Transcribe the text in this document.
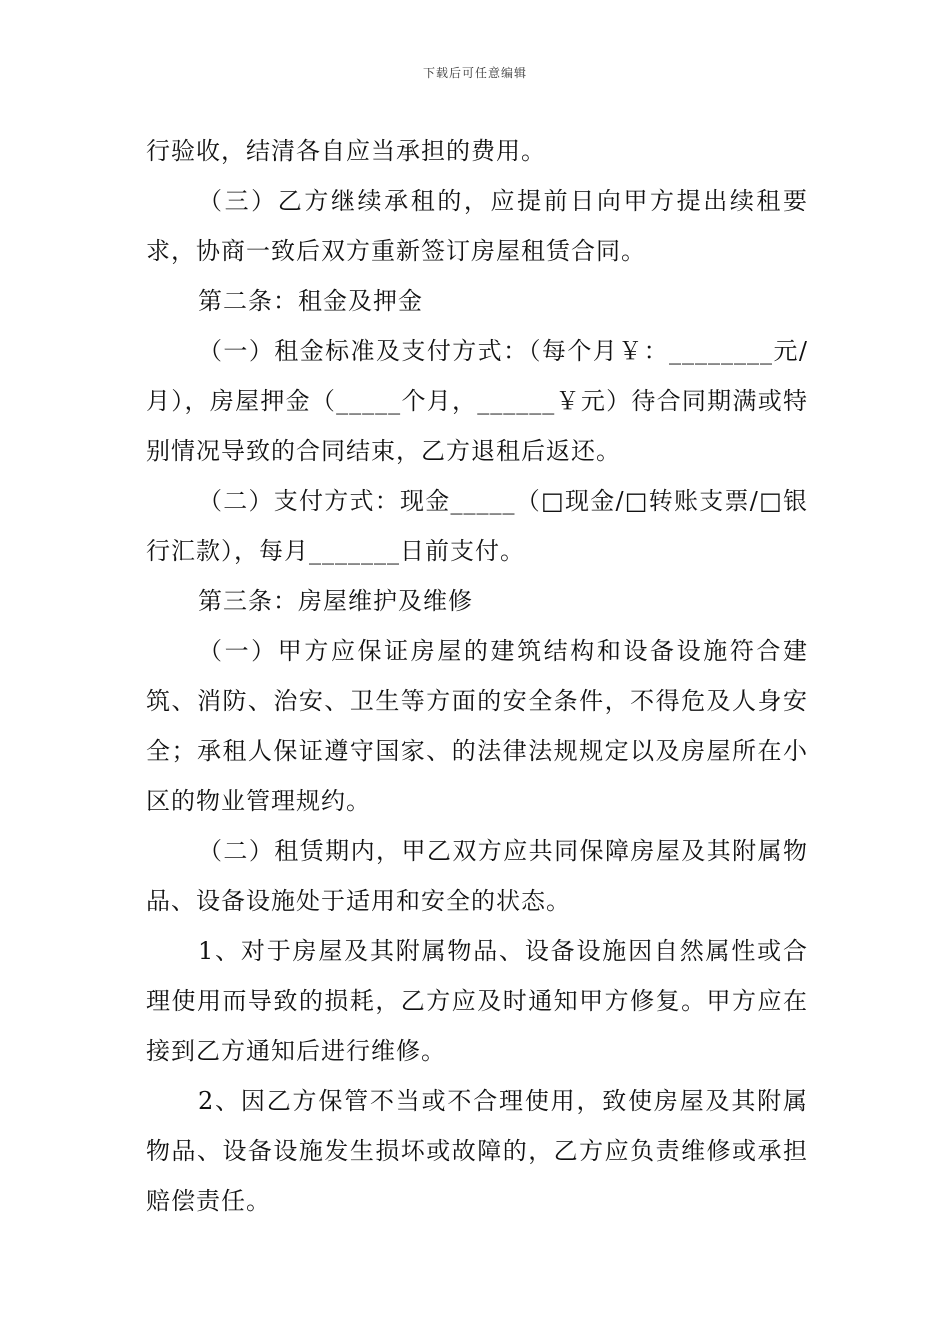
下载后可任意编辑

行验收，结清各自应当承担的费用。

（三）乙方继续承租的，应提前日向甲方提出续租要求，协商一致后双方重新签订房屋租赁合同。

第二条：租金及押金

（一）租金标准及支付方式：（每个月￥：________元/月），房屋押金（_____个月，______￥元）待合同期满或特别情况导致的合同结束，乙方退租后返还。

（二）支付方式：现金_____（□现金/□转账支票/□银行汇款），每月_______日前支付。

第三条：房屋维护及维修

（一）甲方应保证房屋的建筑结构和设备设施符合建筑、消防、治安、卫生等方面的安全条件，不得危及人身安全；承租人保证遵守国家、的法律法规规定以及房屋所在小区的物业管理规约。

（二）租赁期内，甲乙双方应共同保障房屋及其附属物品、设备设施处于适用和安全的状态。

1、对于房屋及其附属物品、设备设施因自然属性或合理使用而导致的损耗，乙方应及时通知甲方修复。甲方应在接到乙方通知后进行维修。

2、因乙方保管不当或不合理使用，致使房屋及其附属物品、设备设施发生损坏或故障的，乙方应负责维修或承担赔偿责任。
